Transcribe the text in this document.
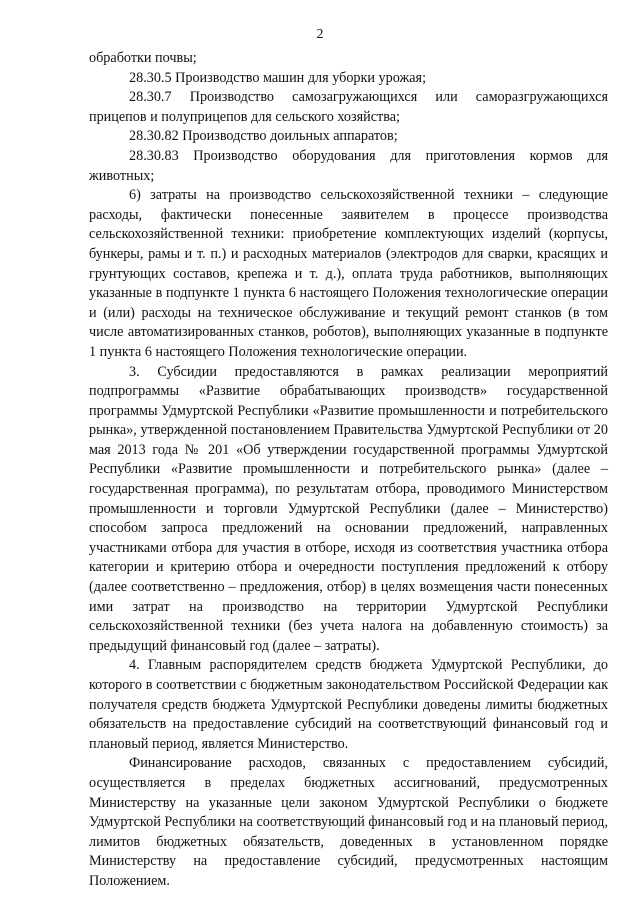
2

обработки почвы;

28.30.5 Производство машин для уборки урожая;

28.30.7 Производство самозагружающихся или саморазгружающихся прицепов и полуприцепов для сельского хозяйства;

28.30.82 Производство доильных аппаратов;

28.30.83 Производство оборудования для приготовления кормов для животных;

6) затраты на производство сельскохозяйственной техники – следующие расходы, фактически понесенные заявителем в процессе производства сельскохозяйственной техники: приобретение комплектующих изделий (корпусы, бункеры, рамы и т. п.) и расходных материалов (электродов для сварки, красящих и грунтующих составов, крепежа и т. д.), оплата труда работников, выполняющих указанные в подпункте 1 пункта 6 настоящего Положения технологические операции и (или) расходы на техническое обслуживание и текущий ремонт станков (в том числе автоматизированных станков, роботов), выполняющих указанные в подпункте 1 пункта 6 настоящего Положения технологические операции.

3. Субсидии предоставляются в рамках реализации мероприятий подпрограммы «Развитие обрабатывающих производств» государственной программы Удмуртской Республики «Развитие промышленности и потребительского рынка», утвержденной постановлением Правительства Удмуртской Республики от 20 мая 2013 года № 201 «Об утверждении государственной программы Удмуртской Республики «Развитие промышленности и потребительского рынка» (далее – государственная программа), по результатам отбора, проводимого Министерством промышленности и торговли Удмуртской Республики (далее – Министерство) способом запроса предложений на основании предложений, направленных участниками отбора для участия в отборе, исходя из соответствия участника отбора категории и критерию отбора и очередности поступления предложений к отбору (далее соответственно – предложения, отбор) в целях возмещения части понесенных ими затрат на производство на территории Удмуртской Республики сельскохозяйственной техники (без учета налога на добавленную стоимость) за предыдущий финансовый год (далее – затраты).

4. Главным распорядителем средств бюджета Удмуртской Республики, до которого в соответствии с бюджетным законодательством Российской Федерации как получателя средств бюджета Удмуртской Республики доведены лимиты бюджетных обязательств на предоставление субсидий на соответствующий финансовый год и плановый период, является Министерство.

Финансирование расходов, связанных с предоставлением субсидий, осуществляется в пределах бюджетных ассигнований, предусмотренных Министерству на указанные цели законом Удмуртской Республики о бюджете Удмуртской Республики на соответствующий финансовый год и на плановый период, лимитов бюджетных обязательств, доведенных в установленном порядке Министерству на предоставление субсидий, предусмотренных настоящим Положением.
